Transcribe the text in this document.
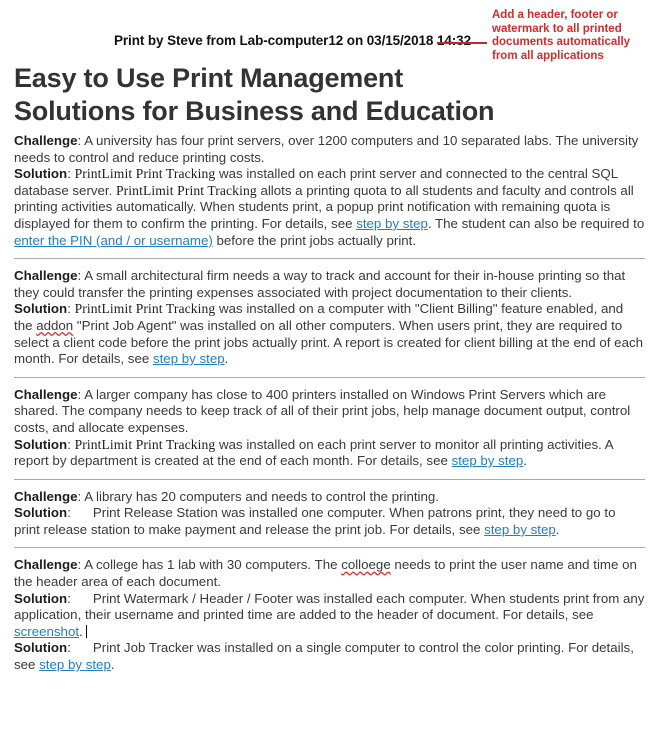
Print by Steve from Lab-computer12 on 03/15/2018 14:32
Add a header, footer or watermark to all printed documents automatically from all applications
Easy to Use Print Management Solutions for Business and Education

Challenge: A university has four print servers, over 1200 computers and 10 separated labs. The university needs to control and reduce printing costs.

Solution: PrintLimit Print Tracking was installed on each print server and connected to the central SQL database server. PrintLimit Print Tracking allots a printing quota to all students and faculty and controls all printing activities automatically. When students print, a popup print notification with remaining quota is displayed for them to confirm the printing. For details, see step by step. The student can also be required to enter the PIN (and / or username) before the print jobs actually print.

Challenge: A small architectural firm needs a way to track and account for their in-house printing so that they could transfer the printing expenses associated with project documentation to their clients.

Solution: PrintLimit Print Tracking was installed on a computer with "Client Billing" feature enabled, and the addon "Print Job Agent" was installed on all other computers. When users print, they are required to select a client code before the print jobs actually print. A report is created for client billing at the end of each month. For details, see step by step.

Challenge: A larger company has close to 400 printers installed on Windows Print Servers which are shared. The company needs to keep track of all of their print jobs, help manage document output, control costs, and allocate expenses.

Solution: PrintLimit Print Tracking was installed on each print server to monitor all printing activities. A report by department is created at the end of each month. For details, see step by step.

Challenge: A library has 20 computers and needs to control the printing.

Solution: Print Release Station was installed one computer. When patrons print, they need to go to print release station to make payment and release the print job. For details, see step by step.

Challenge: A college has 1 lab with 30 computers. The colloege needs to print the user name and time on the header area of each document.

Solution: Print Watermark / Header / Footer was installed each computer. When students print from any application, their username and printed time are added to the header of document. For details, see screenshot.

Solution: Print Job Tracker was installed on a single computer to control the color printing. For details, see step by step.
